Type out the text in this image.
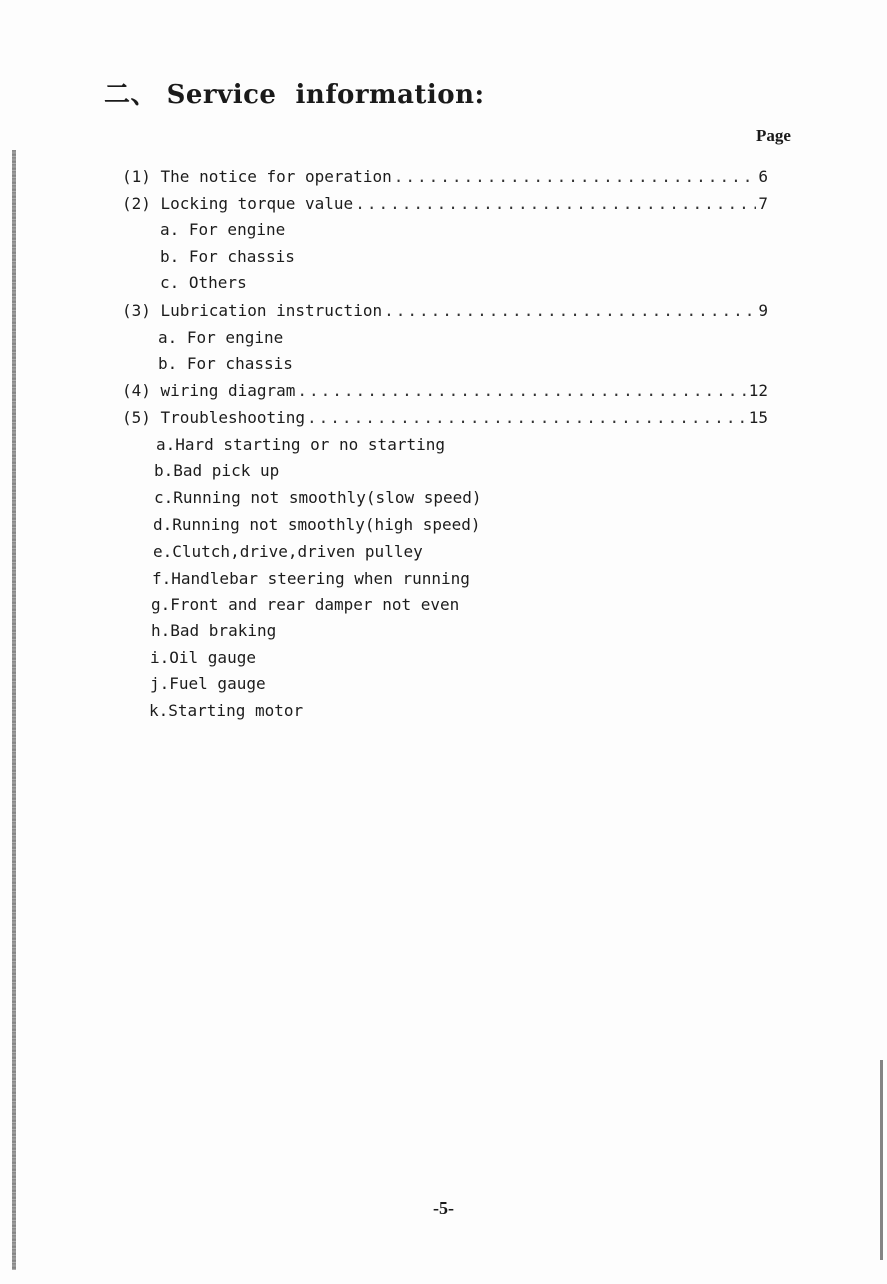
二、 Service  information:
Page
(1) The notice for operation .....	6
(2) Locking torque value .....	7
a. For engine
b. For chassis
c. Others
(3) Lubrication instruction .....	9
a. For engine
b. For chassis
(4) wiring diagram .....	12
(5) Troubleshooting .....	15
a.Hard starting or no starting
b.Bad pick up
c.Running not smoothly(slow speed)
d.Running not smoothly(high speed)
e.Clutch,drive,driven pulley
f.Handlebar steering when running
g.Front and rear damper not even
h.Bad braking
i.Oil gauge
j.Fuel gauge
k.Starting motor
-5-
